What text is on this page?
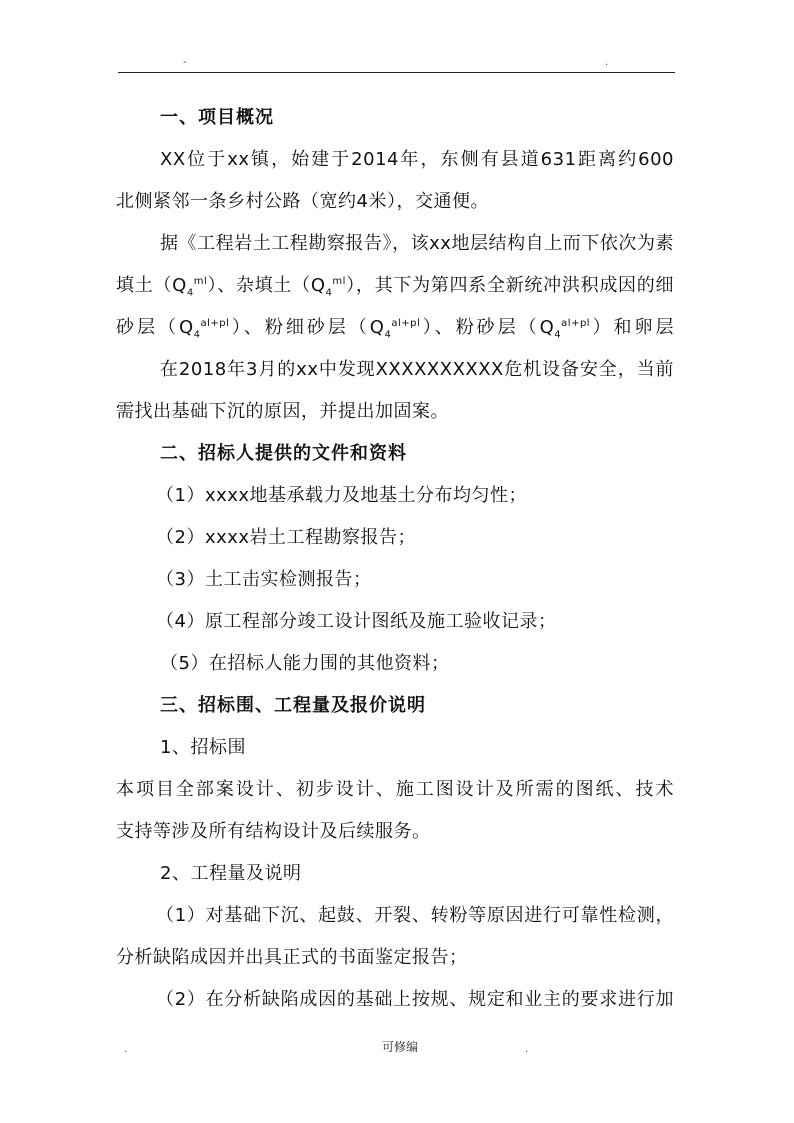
-	.
一、项目概况
XX位于xx镇，始建于2014年，东侧有县道631距离约600
北侧紧邻一条乡村公路（宽约4米），交通便。
据《工程岩土工程勘察报告》，该xx地层结构自上而下依次为素
填土$(Q_4^{ml})$、杂填土$(Q_4^{ml})$，其下为第四系全新统冲洪积成因的细
砂层$(Q_4^{al+pl})$、粉细砂层$(Q_4^{al+pl})$、粉砂层$(Q_4^{al+pl})$和卵层
在2018年3月的xx中发现XXXXXXXXXX危机设备安全，当前
需找出基础下沉的原因，并提出加固案。
二、招标人提供的文件和资料
（1）xxxx地基承载力及地基土分布均匀性；
（2）xxxx岩土工程勘察报告；
（3）土工击实检测报告；
（4）原工程部分竣工设计图纸及施工验收记录；
（5）在招标人能力围的其他资料；
三、招标围、工程量及报价说明
1、招标围
本项目全部案设计、初步设计、施工图设计及所需的图纸、技术
支持等涉及所有结构设计及后续服务。
2、工程量及说明
（1）对基础下沉、起鼓、开裂、转粉等原因进行可靠性检测，
分析缺陷成因并出具正式的书面鉴定报告；
（2）在分析缺陷成因的基础上按规、规定和业主的要求进行加
.	可修编	.
